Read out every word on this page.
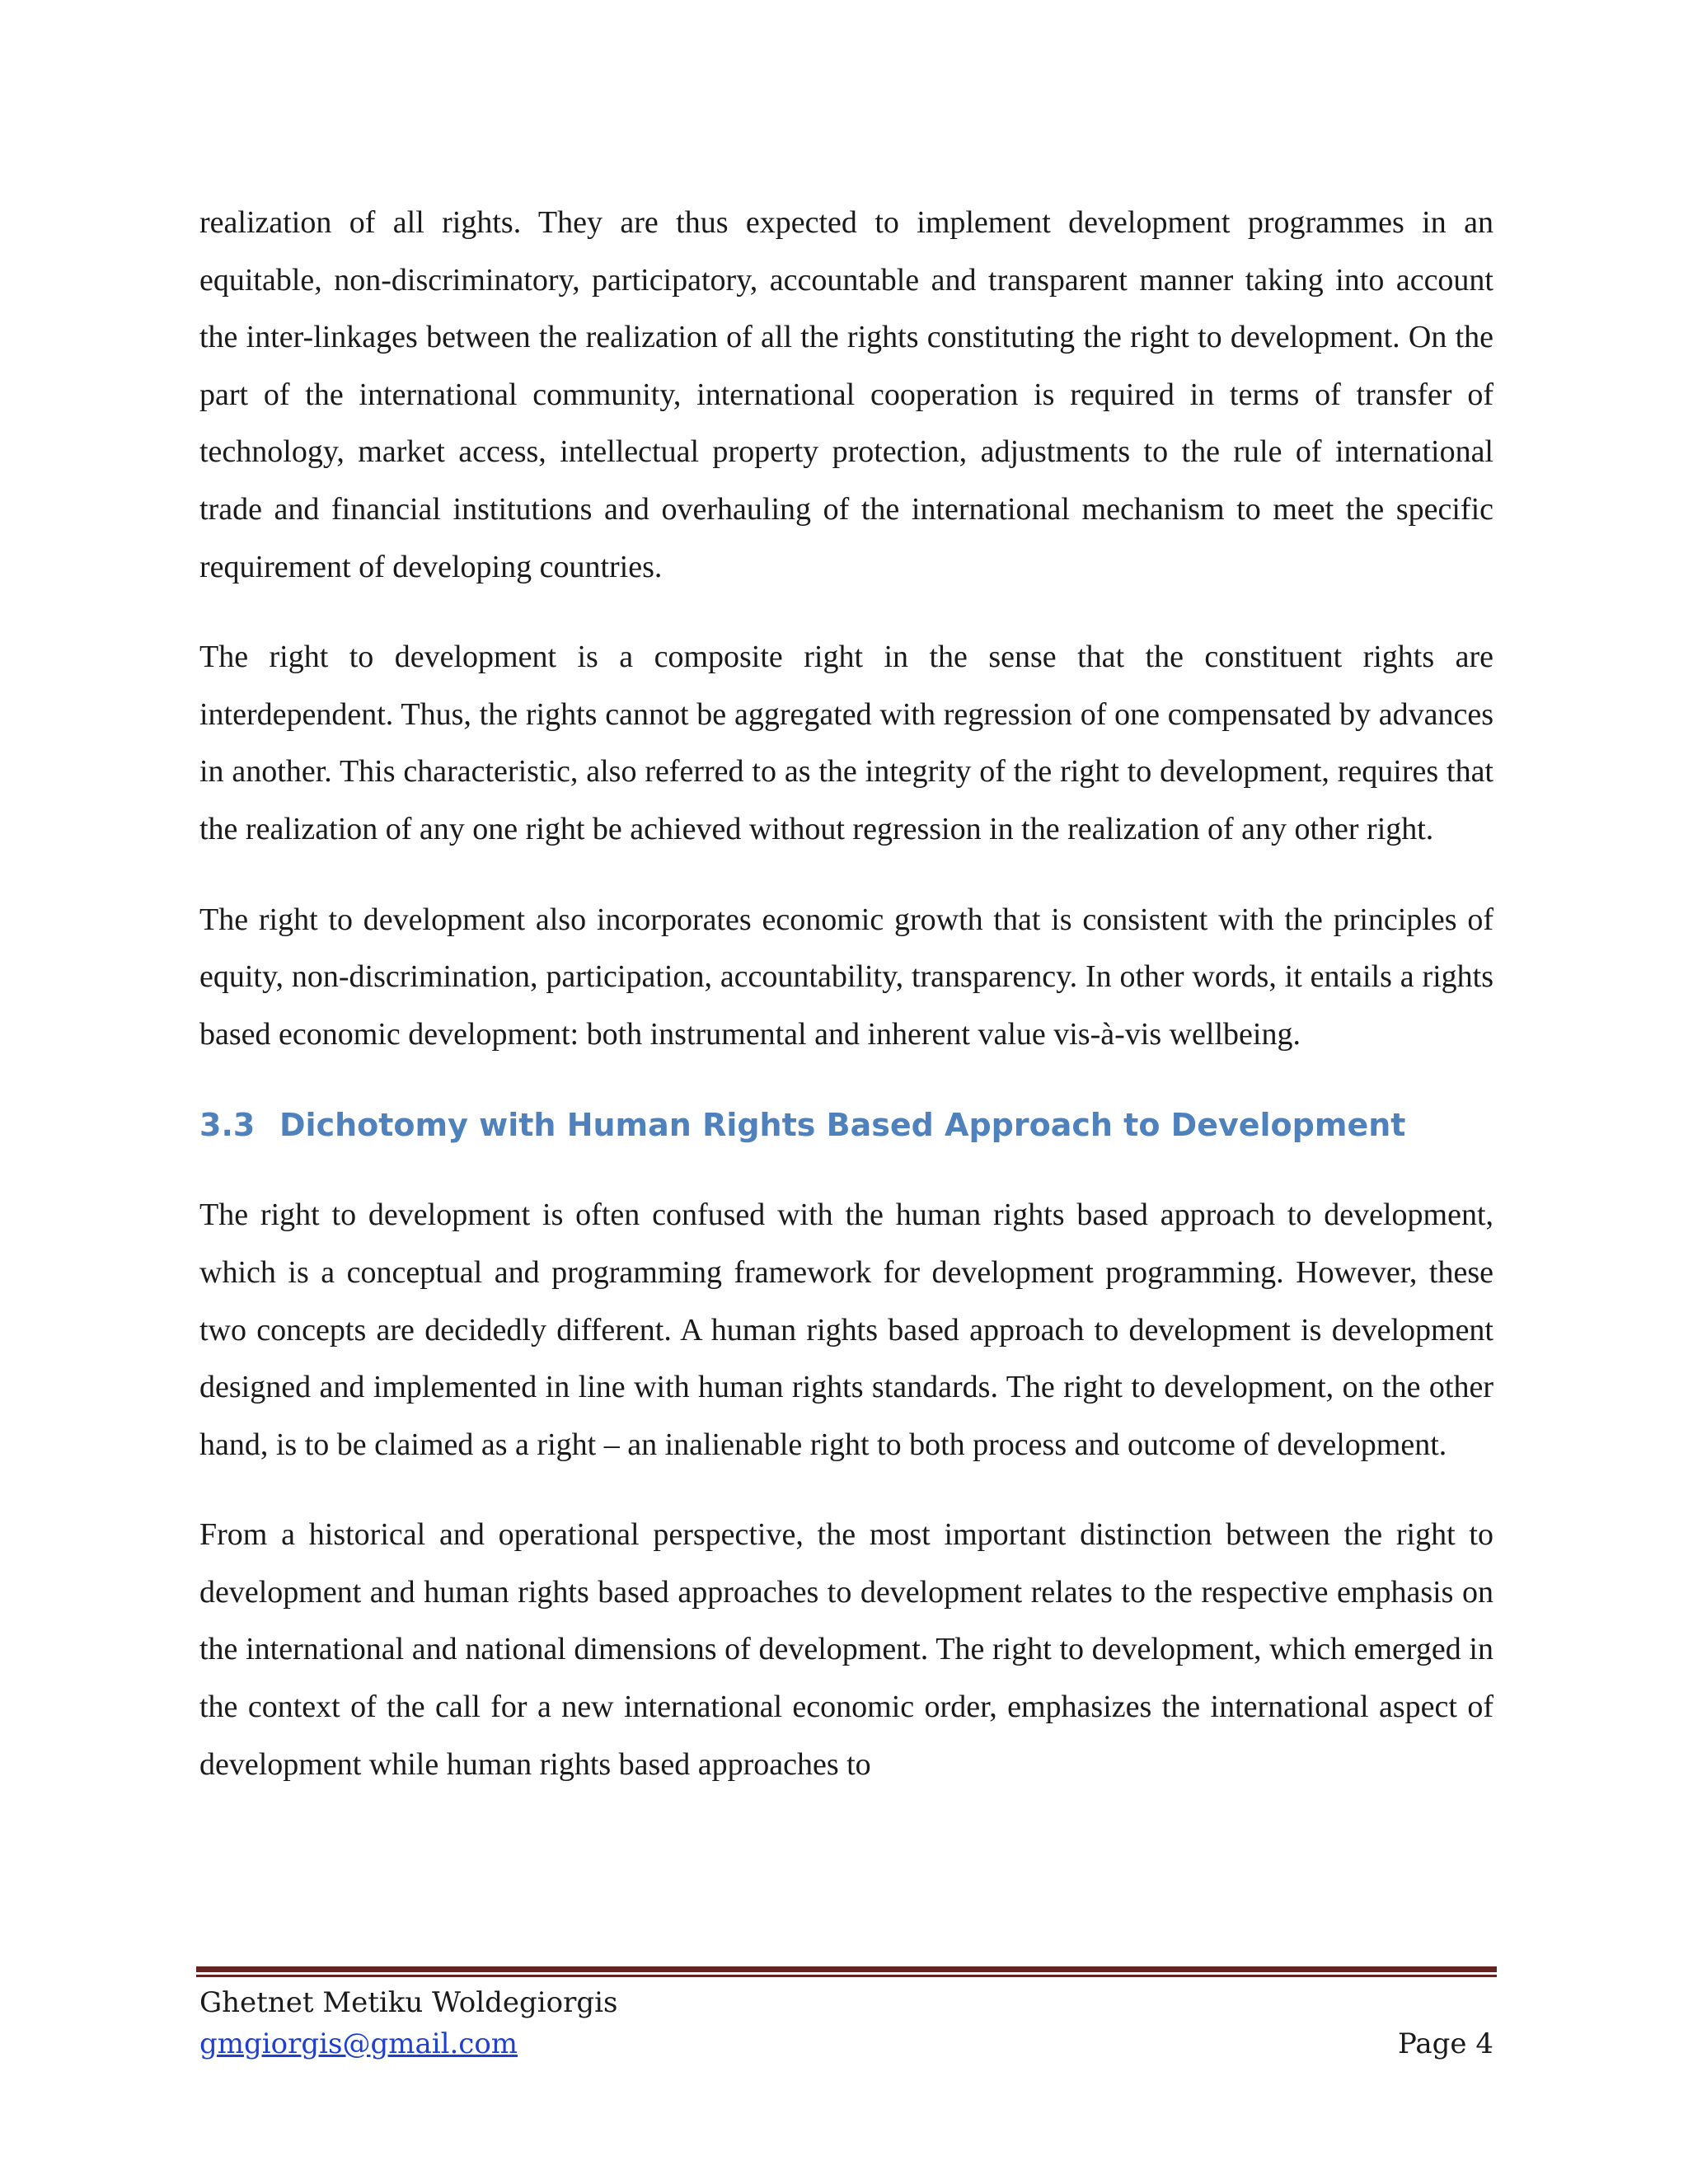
realization of all rights. They are thus expected to implement development programmes in an equitable, non-discriminatory, participatory, accountable and transparent manner taking into account the inter-linkages between the realization of all the rights constituting the right to development. On the part of the international community, international cooperation is required in terms of transfer of technology, market access, intellectual property protection, adjustments to the rule of international trade and financial institutions and overhauling of the international mechanism to meet the specific requirement of developing countries.

The right to development is a composite right in the sense that the constituent rights are interdependent. Thus, the rights cannot be aggregated with regression of one compensated by advances in another. This characteristic, also referred to as the integrity of the right to development, requires that the realization of any one right be achieved without regression in the realization of any other right.

The right to development also incorporates economic growth that is consistent with the principles of equity, non-discrimination, participation, accountability, transparency. In other words, it entails a rights based economic development: both instrumental and inherent value vis-à-vis wellbeing.

3.3 Dichotomy with Human Rights Based Approach to Development

The right to development is often confused with the human rights based approach to development, which is a conceptual and programming framework for development programming. However, these two concepts are decidedly different. A human rights based approach to development is development designed and implemented in line with human rights standards. The right to development, on the other hand, is to be claimed as a right – an inalienable right to both process and outcome of development.

From a historical and operational perspective, the most important distinction between the right to development and human rights based approaches to development relates to the respective emphasis on the international and national dimensions of development. The right to development, which emerged in the context of the call for a new international economic order, emphasizes the international aspect of development while human rights based approaches to

Ghetnet Metiku Woldegiorgis
gmgiorgis@gmail.com	Page 4
